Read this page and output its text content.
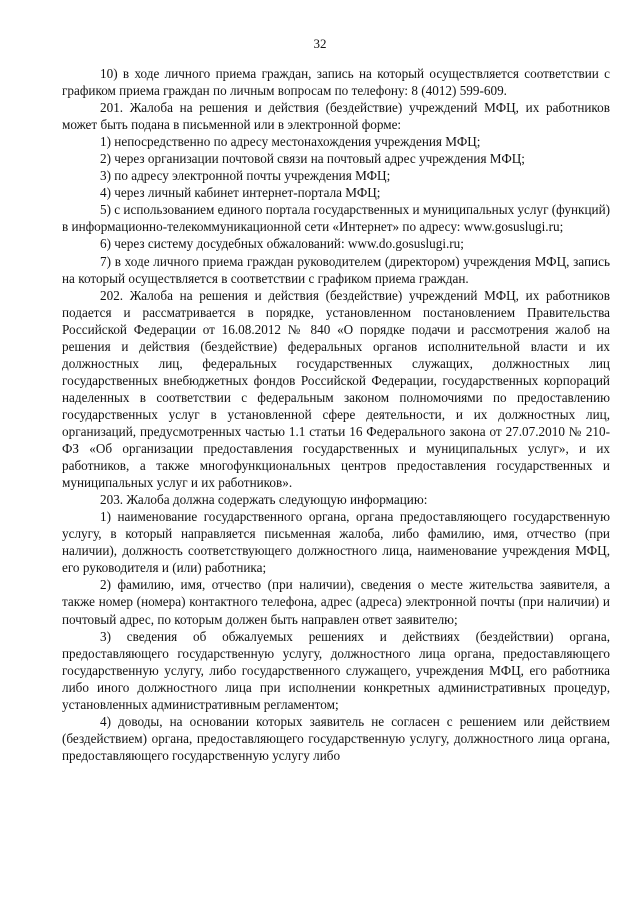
32

10) в ходе личного приема граждан, запись на который осуществляется соответствии с графиком приема граждан по личным вопросам по телефону: 8 (4012) 599-609.

201. Жалоба на решения и действия (бездействие) учреждений МФЦ, их работников может быть подана в письменной или в электронной форме:

1) непосредственно по адресу местонахождения учреждения МФЦ;

2) через организации почтовой связи на почтовый адрес учреждения МФЦ;

3) по адресу электронной почты учреждения МФЦ;

4) через личный кабинет интернет-портала МФЦ;

5) с использованием единого портала государственных и муниципальных услуг (функций) в информационно-телекоммуникационной сети «Интернет» по адресу: www.gosuslugi.ru;

6) через систему досудебных обжалований: www.do.gosuslugi.ru;

7) в ходе личного приема граждан руководителем (директором) учреждения МФЦ, запись на который осуществляется в соответствии с графиком приема граждан.

202. Жалоба на решения и действия (бездействие) учреждений МФЦ, их работников подается и рассматривается в порядке, установленном постановлением Правительства Российской Федерации от 16.08.2012 № 840 «О порядке подачи и рассмотрения жалоб на решения и действия (бездействие) федеральных органов исполнительной власти и их должностных лиц, федеральных государственных служащих, должностных лиц государственных внебюджетных фондов Российской Федерации, государственных корпораций наделенных в соответствии с федеральным законом полномочиями по предоставлению государственных услуг в установленной сфере деятельности, и их должностных лиц, организаций, предусмотренных частью 1.1 статьи 16 Федерального закона от 27.07.2010 № 210-ФЗ «Об организации предоставления государственных и муниципальных услуг», и их работников, а также многофункциональных центров предоставления государственных и муниципальных услуг и их работников».

203. Жалоба должна содержать следующую информацию:

1) наименование государственного органа, органа предоставляющего государственную услугу, в который направляется письменная жалоба, либо фамилию, имя, отчество (при наличии), должность соответствующего должностного лица, наименование учреждения МФЦ, его руководителя и (или) работника;

2) фамилию, имя, отчество (при наличии), сведения о месте жительства заявителя, а также номер (номера) контактного телефона, адрес (адреса) электронной почты (при наличии) и почтовый адрес, по которым должен быть направлен ответ заявителю;

3) сведения об обжалуемых решениях и действиях (бездействии) органа, предоставляющего государственную услугу, должностного лица органа, предоставляющего государственную услугу, либо государственного служащего, учреждения МФЦ, его работника либо иного должностного лица при исполнении конкретных административных процедур, установленных административным регламентом;

4) доводы, на основании которых заявитель не согласен с решением или действием (бездействием) органа, предоставляющего государственную услугу, должностного лица органа, предоставляющего государственную услугу либо
